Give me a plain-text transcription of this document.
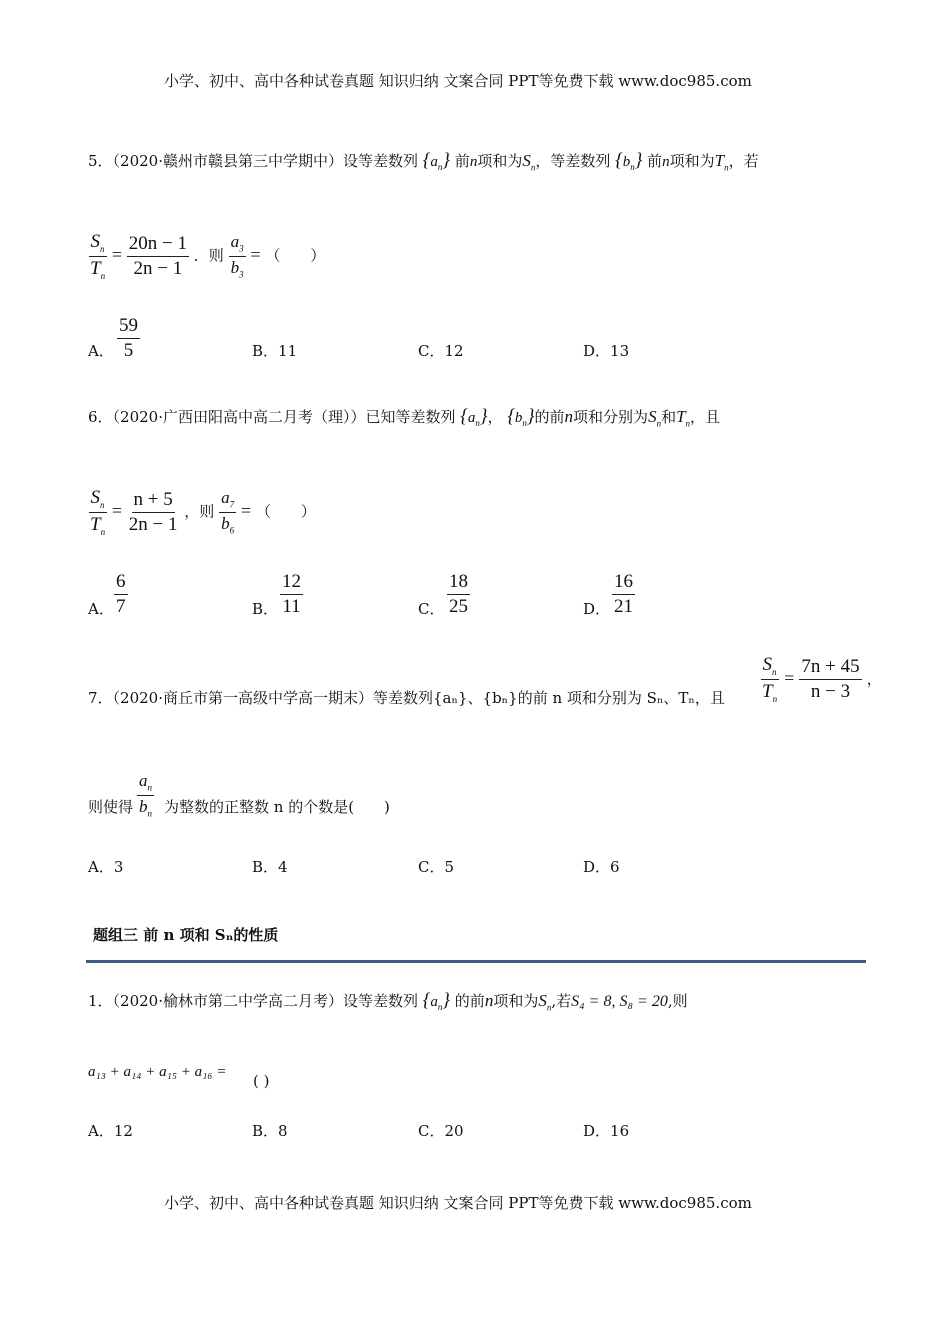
小学、初中、高中各种试卷真题 知识归纳 文案合同 PPT等免费下载 www.doc985.com
5．（2020·赣州市赣县第三中学期中）设等差数列 $\{a_n\}$ 前n项和为$S_n$，等差数列 $\{b_n\}$ 前n项和为$T_n$，若
$\frac{S_n}{T_n} = \frac{20n - 1}{2n - 1}$ ．则 $\frac{a_3}{b_3}$ = （　　）
A． $\frac{59}{5}$	B．11	C．12	D．13
6．（2020·广西田阳高中高二月考（理））已知等差数列 $\{a_n\}$， $\{b_n\}$的前n项和分别为$S_n$和$T_n$，且
$\frac{S_n}{T_n} = \frac{n + 5}{2n - 1}$ ，则 $\frac{a_7}{b_6}$ = （　　）
A． $\frac{6}{7}$	B． $\frac{12}{11}$	C． $\frac{18}{25}$	D． $\frac{16}{21}$
7．（2020·商丘市第一高级中学高一期末）等差数列{aₙ}、{bₙ}的前 n 项和分别为 Sₙ、Tₙ，且 $\frac{S_n}{T_n} = \frac{7n + 45}{n - 3}$ ，
则使得 $\frac{a_n}{b_n}$ 为整数的正整数 n 的个数是(　　)
A．3	B．4	C．5	D．6
题组三 前 n 项和 Sₙ的性质
1．（2020·榆林市第二中学高二月考）设等差数列 $\{a_n\}$ 的前n项和为$S_n$,若S₄ = 8, S₈ = 20,则
a₁₃ + a₁₄ + a₁₅ + a₁₆ = ( )
A．12	B．8	C．20	D．16
小学、初中、高中各种试卷真题 知识归纳 文案合同 PPT等免费下载 www.doc985.com
